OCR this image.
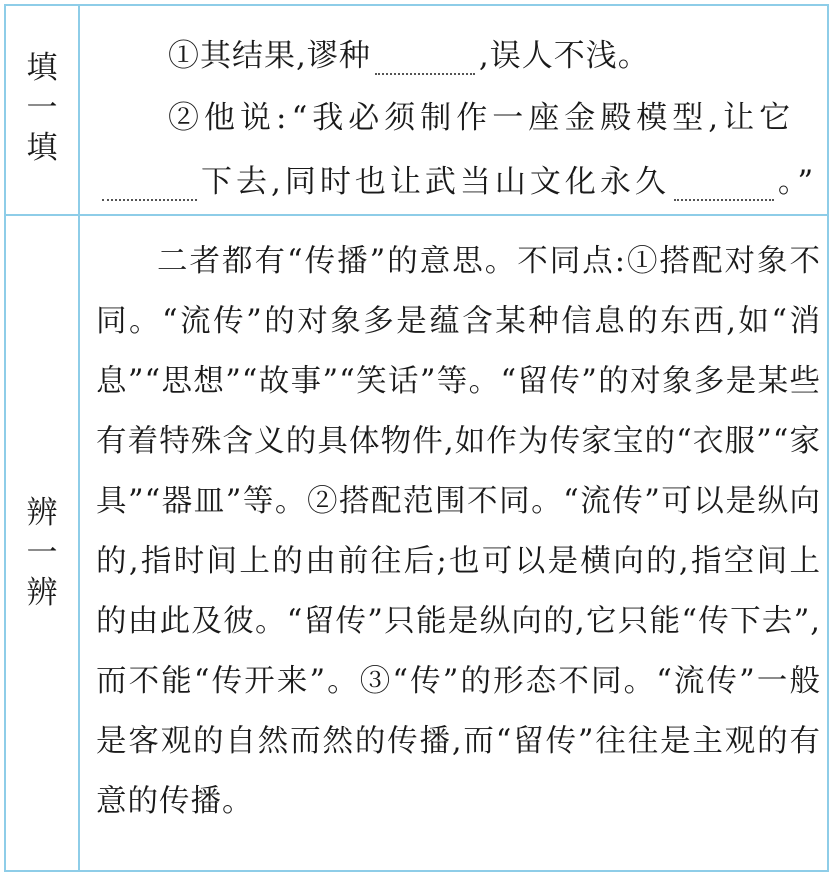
填
一
填
①其结果,谬种	,误人不浅。
②他说:“我必须制作一座金殿模型,让它
下去,同时也让武当山文化永久	。”
辨
一
辨
二者都有“传播”的意思。不同点:①搭配对象不同。“流传”的对象多是蕴含某种信息的东西,如“消息”“思想”“故事”“笑话”等。“留传”的对象多是某些有着特殊含义的具体物件,如作为传家宝的“衣服”“家具”“器皿”等。②搭配范围不同。“流传”可以是纵向的,指时间上的由前往后;也可以是横向的,指空间上的由此及彼。“留传”只能是纵向的,它只能“传下去”,而不能“传开来”。③“传”的形态不同。“流传”一般是客观的自然而然的传播,而“留传”往往是主观的有意的传播。
